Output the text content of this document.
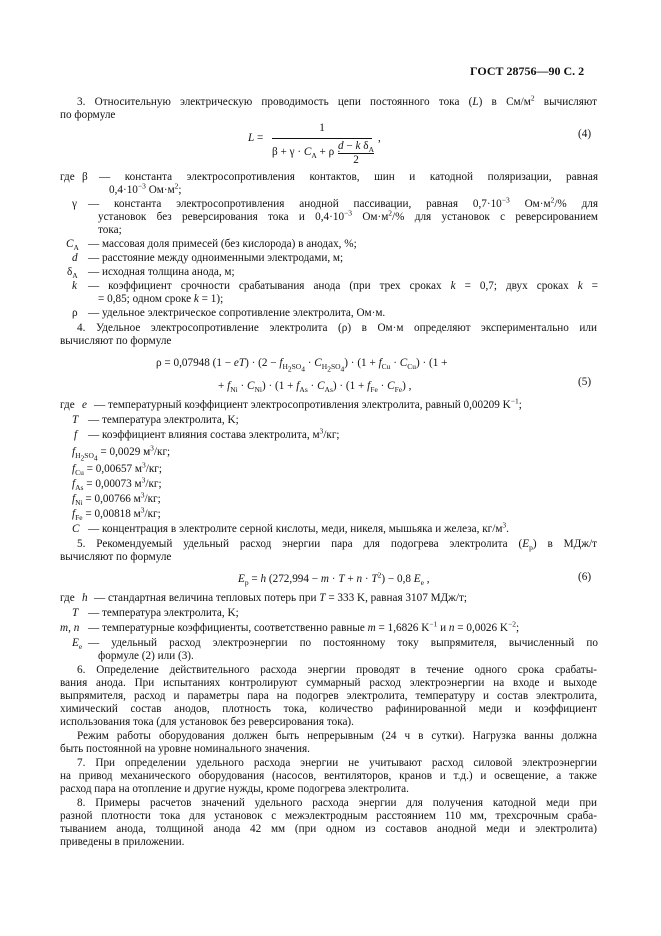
ГОСТ 28756—90 С. 2
3. Относительную электрическую проводимость цепи постоянного тока (L) в $См/м^2$ вычисляют
по формуле
L =
1
$\beta + \gamma \cdot C_A + \rho$ ·
d − k $\delta_A$
2
,	(4)
где β — константа электросопротивления контактов, шин и катодной поляризации, равная
$0,4\cdot 10^{-3}$ $Ом\cdot м^2$;
γ — константа электросопротивления анодной пассивации, равная $0,7\cdot 10^{-3}$ $Ом\cdot м^2/\%$ для
установок без реверсирования тока и $0,4\cdot 10^{-3}$ $Ом\cdot м^2/\%$ для установок с реверсированием
тока;
$C_A$ — массовая доля примесей (без кислорода) в анодах, %;
d — расстояние между одноименными электродами, м;
$\delta_A$ — исходная толщина анода, м;
k — коэффициент срочности срабатывания анода (при трех сроках k = 0,7; двух сроках k =
= 0,85; одном сроке k = 1);
ρ — удельное электрическое сопротивление электролита, Ом·м.
4. Удельное электросопротивление электролита (ρ) в Ом·м определяют экспериментально или
вычисляют по формуле
ρ = 0,07948 $(1 - eT) \cdot (2 - f_{H_2SO_4} \cdot C_{H_2SO_4}) \cdot (1 + f_{Cu} \cdot C_{Cu}) \cdot (1$ +
+ $f_{Ni} \cdot C_{Ni}) \cdot (1 + f_{As} \cdot C_{As}) \cdot (1 + f_{Fe} \cdot C_{Fe})$ ,	(5)
где e — температурный коэффициент электросопротивления электролита, равный 0,00209 $K^{-1}$;
T — температура электролита, K;
f — коэффициент влияния состава электролита, $м^3/кг$;
$f_{H_2SO_4} = 0,0029$ $м^3/кг$;
$f_{Cu} = 0,00657$ $м^3/кг$;
$f_{As} = 0,00073$ $м^3/кг$;
$f_{Ni} = 0,00766$ $м^3/кг$;
$f_{Fe} = 0,00818$ $м^3/кг$;
C — концентрация в электролите серной кислоты, меди, никеля, мышьяка и железа, $кг/м^3$.
5. Рекомендуемый удельный расход энергии пара для подогрева электролита $(E_р)$ в МДж/т
вычисляют по формуле
$E_р = h$ $(272,994 - m \cdot T + n \cdot T^2) - 0,8$ $E_е$ ,	(6)
где h — стандартная величина тепловых потерь при T = 333 K, равная 3107 МДж/т;
T — температура электролита, K;
m, n — температурные коэффициенты, соответственно равные m = 1,6826 $K^{-1}$ и n = 0,0026 $K^{-2}$;
$E_е$ — удельный расход электроэнергии по постоянному току выпрямителя, вычисленный по
формуле (2) или (3).
6. Определение действительного расхода энергии проводят в течение одного срока срабаты-
вания анода. При испытаниях контролируют суммарный расход электроэнергии на входе и выходе
выпрямителя, расход и параметры пара на подогрев электролита, температуру и состав электролита,
химический состав анодов, плотность тока, количество рафинированной меди и коэффициент
использования тока (для установок без реверсирования тока).
Режим работы оборудования должен быть непрерывным (24 ч в сутки). Нагрузка ванны должна
быть постоянной на уровне номинального значения.
7. При определении удельного расхода энергии не учитывают расход силовой электроэнергии
на привод механического оборудования (насосов, вентиляторов, кранов и т.д.) и освещение, а также
расход пара на отопление и другие нужды, кроме подогрева электролита.
8. Примеры расчетов значений удельного расхода энергии для получения катодной меди при
разной плотности тока для установок с межэлектродным расстоянием 110 мм, трехсрочным сраба-
тыванием анода, толщиной анода 42 мм (при одном из составов анодной меди и электролита)
приведены в приложении.
